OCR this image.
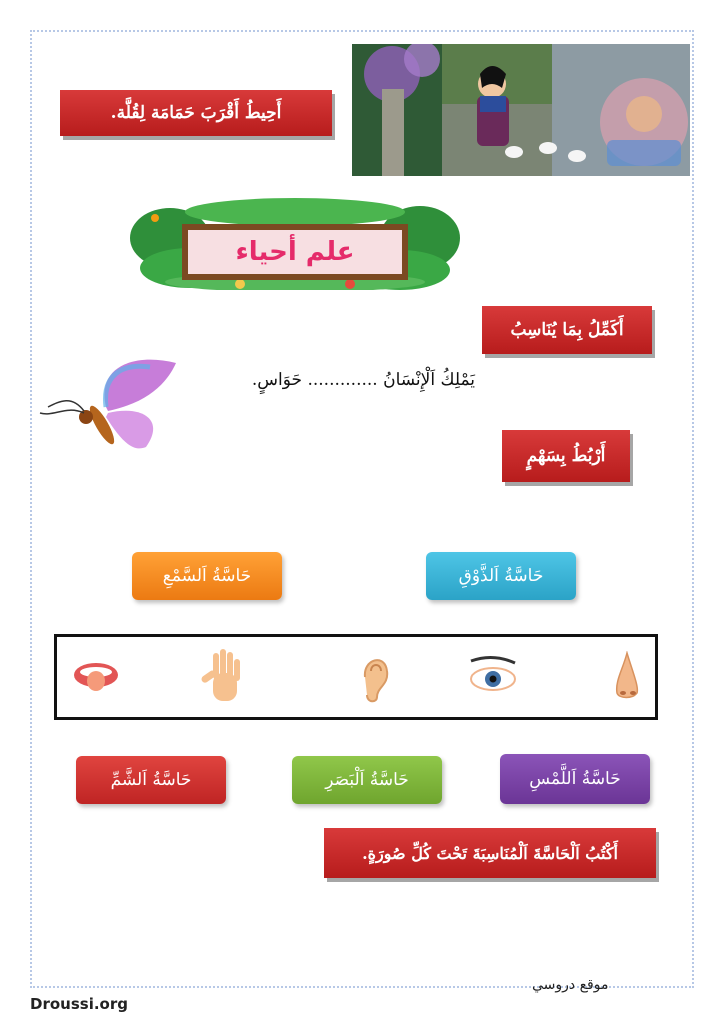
أَحِيطُ أَقْرَبَ حَمَامَة لِقُلَّة.
علم أحياء
أَكَمِّلُ بِمَا يُنَاسِبُ
يَمْلِكُ اَلْإِنْسَانُ ............. حَوَاسٍ.
أَرْبُطُ بِسَهْمٍ
حَاسَّةُ اَلسَّمْعِ	حَاسَّةُ اَلذَّوْقِ
حَاسَّةُ اَلشَّمِّ	حَاسَّةُ اَلْبَصَرِ	حَاسَّةُ اَللَّمْسِ
أَكْتُبُ اَلْحَاسَّةَ اَلْمُنَاسِبَةَ تَحْتَ كُلِّ صُورَةٍ.
موقع دروسي
Droussi.org
